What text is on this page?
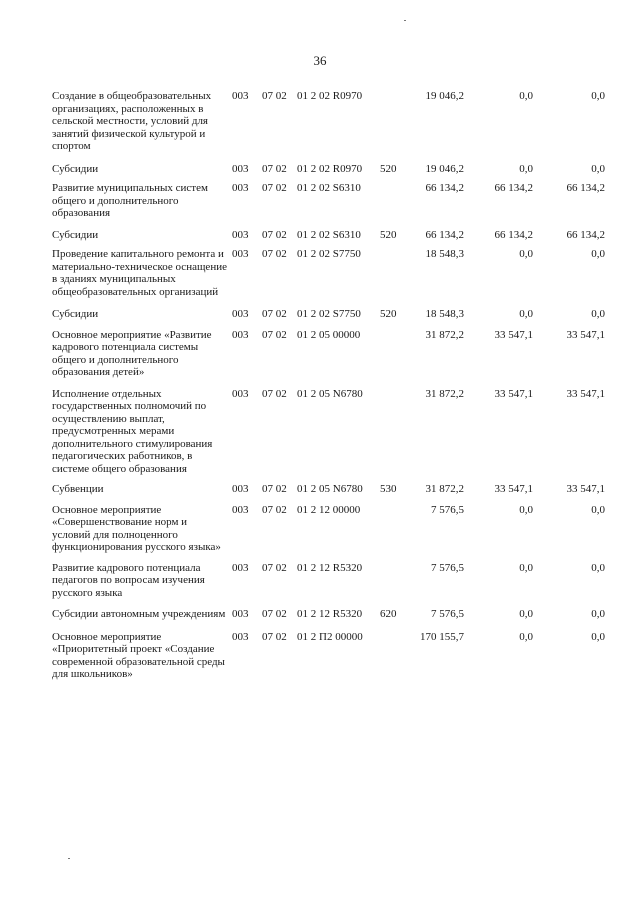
36
Создание в общеобразовательных организациях, расположенных в сельской местности, условий для занятий физической культурой и спортом
003 07 02 01 2 02 R0970	19 046,2	0,0	0,0
Субсидии	003 07 02 01 2 02 R0970 520	19 046,2	0,0	0,0
Развитие муниципальных систем общего и дополнительного образования
003 07 02 01 2 02 S6310	66 134,2	66 134,2	66 134,2
Субсидии	003 07 02 01 2 02 S6310 520	66 134,2	66 134,2	66 134,2
Проведение капитального ремонта и материально-техническое оснащение в зданиях муниципальных общеобразовательных организаций
003 07 02 01 2 02 S7750	18 548,3	0,0	0,0
Субсидии	003 07 02 01 2 02 S7750 520	18 548,3	0,0	0,0
Основное мероприятие «Развитие кадрового потенциала системы общего и дополнительного образования детей»
003 07 02 01 2 05 00000	31 872,2	33 547,1	33 547,1
Исполнение отдельных государственных полномочий по осуществлению выплат, предусмотренных мерами дополнительного стимулирования педагогических работников, в системе общего образования
003 07 02 01 2 05 N6780	31 872,2	33 547,1	33 547,1
Субвенции	003 07 02 01 2 05 N6780 530	31 872,2	33 547,1	33 547,1
Основное мероприятие «Совершенствование норм и условий для полноценного функционирования русского языка»
003 07 02 01 2 12 00000	7 576,5	0,0	0,0
Развитие кадрового потенциала педагогов по вопросам изучения русского языка
003 07 02 01 2 12 R5320	7 576,5	0,0	0,0
Субсидии автономным учреждениям 003 07 02 01 2 12 R5320 620	7 576,5	0,0	0,0
Основное мероприятие «Приоритетный проект «Создание современной образовательной среды для школьников»
003 07 02 01 2 П2 00000	170 155,7	0,0	0,0
